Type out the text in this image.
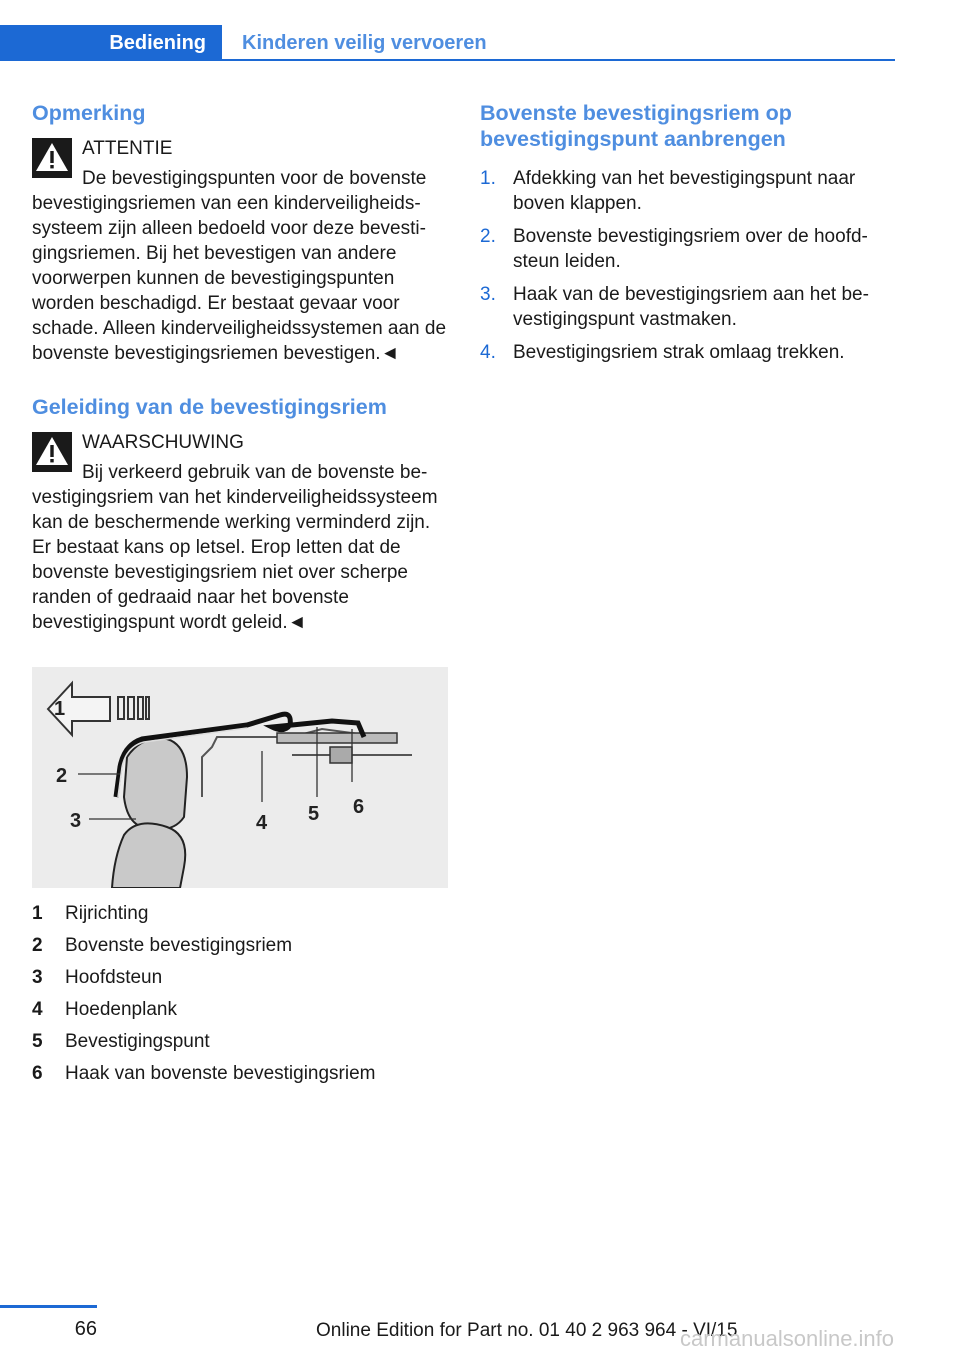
Bediening	Kinderen veilig vervoeren
Opmerking
ATTENTIE
De bevestigingspunten voor de bovenste bevestigingsriemen van een kinderveiligheidssysteem zijn alleen bedoeld voor deze bevestigingsriemen. Bij het bevestigen van andere voorwerpen kunnen de bevestigingspunten worden beschadigd. Er bestaat gevaar voor schade. Alleen kinderveiligheidssystemen aan de bovenste bevestigingsriemen bevestigen.◄
Geleiding van de bevestigingsriem
WAARSCHUWING
Bij verkeerd gebruik van de bovenste bevestigingsriem van het kinderveiligheidssysteem kan de beschermende werking verminderd zijn. Er bestaat kans op letsel. Erop letten dat de bovenste bevestigingsriem niet over scherpe randen of gedraaid naar het bovenste bevestigingspunt wordt geleid.◄
1
2
3	4 5 6
1	Rijrichting
2	Bovenste bevestigingsriem
3	Hoofdsteun
4	Hoedenplank
5	Bevestigingspunt
6	Haak van bovenste bevestigingsriem
Bovenste bevestigingsriem op bevestigingspunt aanbrengen
1. Afdekking van het bevestigingspunt naar boven klappen.
2. Bovenste bevestigingsriem over de hoofdsteun leiden.
3. Haak van de bevestigingsriem aan het bevestigingspunt vastmaken.
4. Bevestigingsriem strak omlaag trekken.
66	Online Edition for Part no. 01 40 2 963 964 - VI/15
carmanualsonline.info
